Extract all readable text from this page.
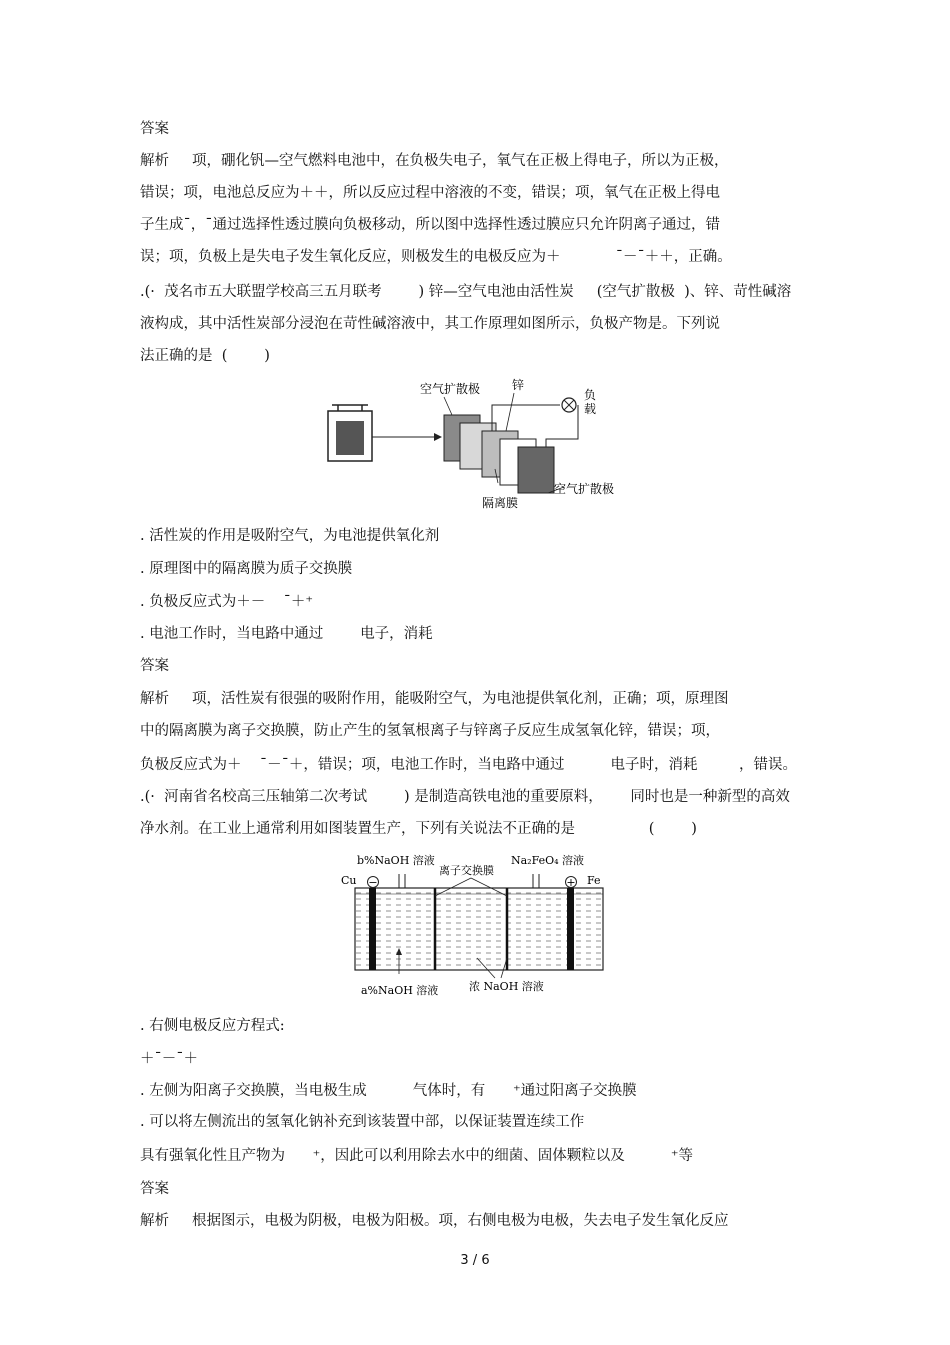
答案
解析     项，硼化钒—空气燃料电池中，在负极失电子，氧气在正极上得电子，所以为正极，
错误；项，电池总反应为＋＋，所以反应过程中溶液的不变，错误；项，氧气在正极上得电
子生成¯，¯通过选择性透过膜向负极移动，所以图中选择性透过膜应只允许阴离子通过，错
误；项，负极上是失电子发生氧化反应，则极发生的电极反应为＋            ¯－¯＋＋，正确。
.(·  茂名市五大联盟学校高三五月联考        ) 锌—空气电池由活性炭     (空气扩散极  )、锌、苛性碱溶
液构成，其中活性炭部分浸泡在苛性碱溶液中，其工作原理如图所示，负极产物是。下列说
法正确的是  (        )
空气扩散极	锌
负
载
隔离膜
空气扩散极
. 活性炭的作用是吸附空气，为电池提供氧化剂
. 原理图中的隔离膜为质子交换膜
. 负极反应式为＋－    ¯＋⁺
. 电池工作时，当电路中通过        电子，消耗
答案
解析     项，活性炭有很强的吸附作用，能吸附空气，为电池提供氧化剂，正确；项，原理图
中的隔离膜为离子交换膜，防止产生的氢氧根离子与锌离子反应生成氢氧化锌，错误；项，
负极反应式为＋    ¯－¯＋，错误；项，电池工作时，当电路中通过          电子时，消耗         ，错误。
.(·  河南省名校高三压轴第二次考试        ) 是制造高铁电池的重要原料，      同时也是一种新型的高效
净水剂。在工业上通常利用如图装置生产，下列有关说法不正确的是                (        )
−	+
b%NaOH 溶液
离子交换膜
Na₂FeO₄ 溶液
Cu	Fe
a%NaOH 溶液	浓 NaOH 溶液
. 右侧电极反应方程式:
＋¯－¯＋
. 左侧为阳离子交换膜，当电极生成          气体时，有      ⁺通过阳离子交换膜
. 可以将左侧流出的氢氧化钠补充到该装置中部，以保证装置连续工作
具有强氧化性且产物为      ⁺，因此可以利用除去水中的细菌、固体颗粒以及          ⁺等
答案
解析     根据图示，电极为阴极，电极为阳极。项，右侧电极为电极，失去电子发生氧化反应
3 / 6
